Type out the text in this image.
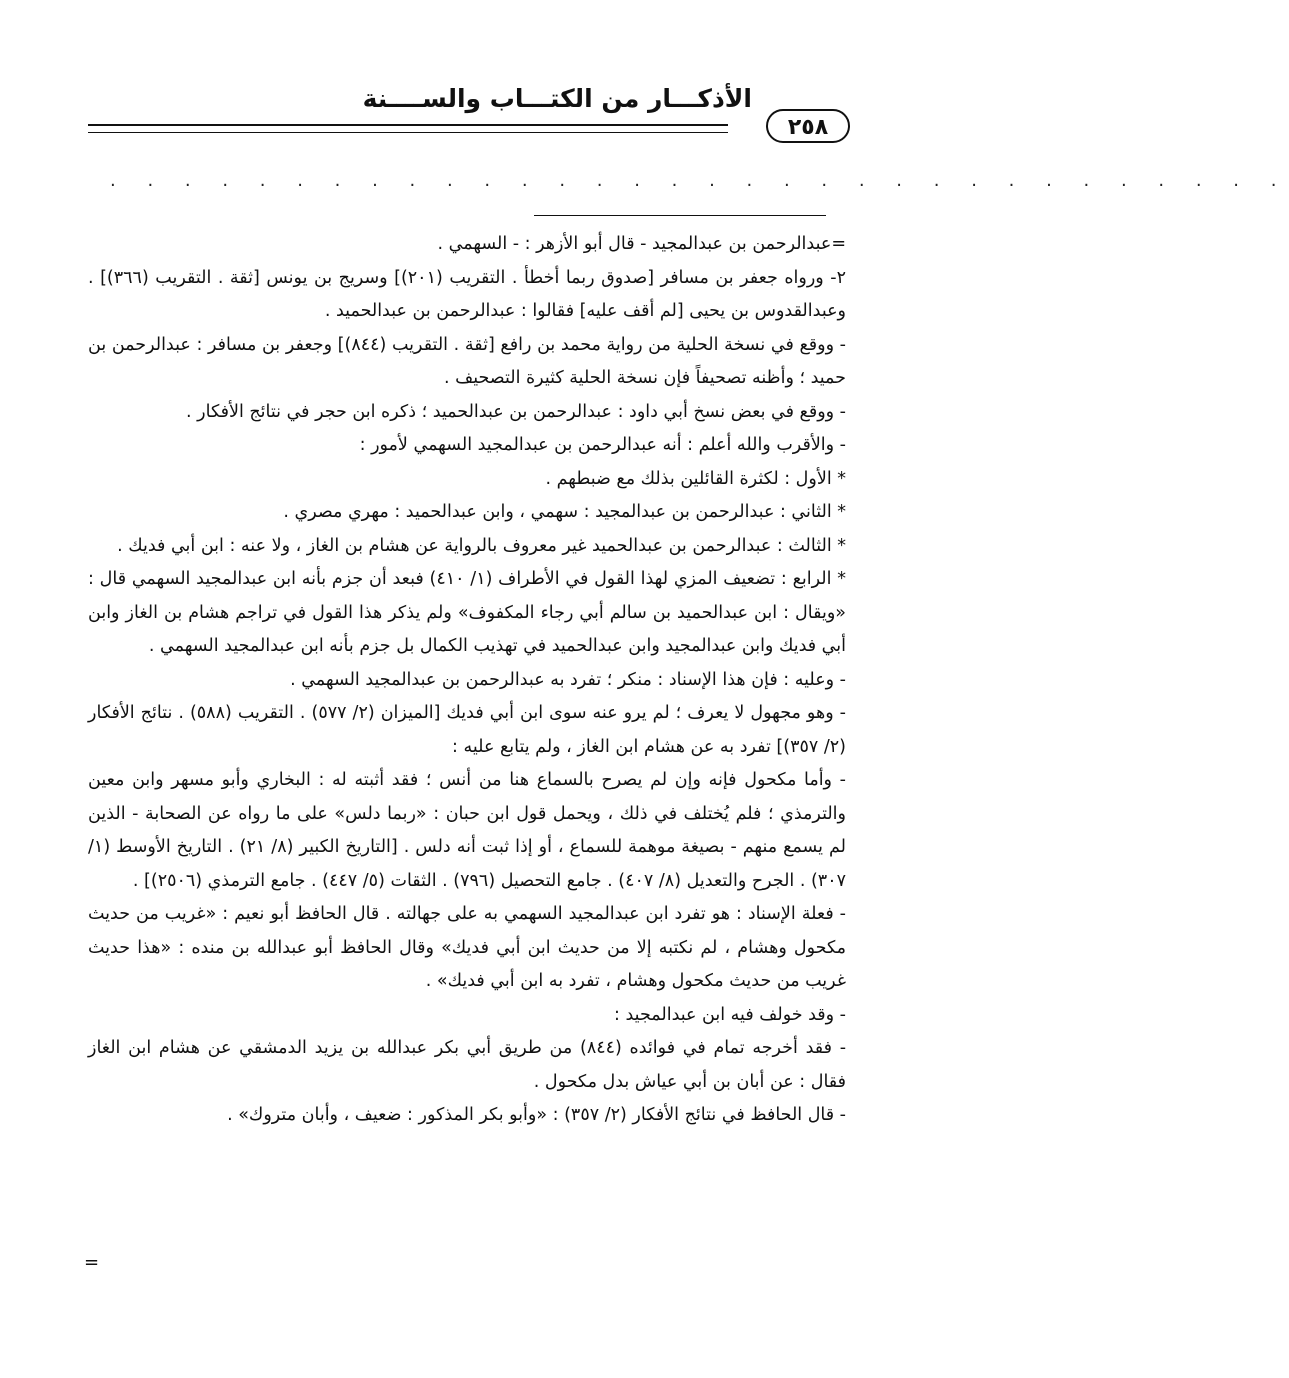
الأذكـــار من الكتـــاب والســــنة
٢٥٨
. . . . . . . . . . . . . . . . . . . . . . . . . . . . . . . .

=عبدالرحمن بن عبدالمجيد - قال أبو الأزهر : - السهمي .

٢- ورواه جعفر بن مسافر [صدوق ربما أخطأ . التقريب (٢٠١)] وسريج بن يونس [ثقة . التقريب (٣٦٦)] . وعبدالقدوس بن يحيى [لم أقف عليه] فقالوا : عبدالرحمن بن عبدالحميد .

- ووقع في نسخة الحلية من رواية محمد بن رافع [ثقة . التقريب (٨٤٤)] وجعفر بن مسافر : عبدالرحمن بن حميد ؛ وأظنه تصحيفاً فإن نسخة الحلية كثيرة التصحيف .

- ووقع في بعض نسخ أبي داود : عبدالرحمن بن عبدالحميد ؛ ذكره ابن حجر في نتائج الأفكار .

- والأقرب والله أعلم : أنه عبدالرحمن بن عبدالمجيد السهمي لأمور :

* الأول : لكثرة القائلين بذلك مع ضبطهم .

* الثاني : عبدالرحمن بن عبدالمجيد : سهمي ، وابن عبدالحميد : مهري مصري .

* الثالث : عبدالرحمن بن عبدالحميد غير معروف بالرواية عن هشام بن الغاز ، ولا عنه : ابن أبي فديك .

* الرابع : تضعيف المزي لهذا القول في الأطراف (١/ ٤١٠) فبعد أن جزم بأنه ابن عبدالمجيد السهمي قال : «ويقال : ابن عبدالحميد بن سالم أبي رجاء المكفوف» ولم يذكر هذا القول في تراجم هشام بن الغاز وابن أبي فديك وابن عبدالمجيد وابن عبدالحميد في تهذيب الكمال بل جزم بأنه ابن عبدالمجيد السهمي .

- وعليه : فإن هذا الإسناد : منكر ؛ تفرد به عبدالرحمن بن عبدالمجيد السهمي .

- وهو مجهول لا يعرف ؛ لم يرو عنه سوى ابن أبي فديك [الميزان (٢/ ٥٧٧) . التقريب (٥٨٨) . نتائج الأفكار (٢/ ٣٥٧)] تفرد به عن هشام ابن الغاز ، ولم يتابع عليه :

- وأما مكحول فإنه وإن لم يصرح بالسماع هنا من أنس ؛ فقد أثبته له : البخاري وأبو مسهر وابن معين والترمذي ؛ فلم يُختلف في ذلك ، ويحمل قول ابن حبان : «ربما دلس» على ما رواه عن الصحابة - الذين لم يسمع منهم - بصيغة موهمة للسماع ، أو إذا ثبت أنه دلس . [التاريخ الكبير (٨/ ٢١) . التاريخ الأوسط (١/ ٣٠٧) . الجرح والتعديل (٨/ ٤٠٧) . جامع التحصيل (٧٩٦) . الثقات (٥/ ٤٤٧) . جامع الترمذي (٢٥٠٦)] .

- فعلة الإسناد : هو تفرد ابن عبدالمجيد السهمي به على جهالته . قال الحافظ أبو نعيم : «غريب من حديث مكحول وهشام ، لم نكتبه إلا من حديث ابن أبي فديك» وقال الحافظ أبو عبدالله بن منده : «هذا حديث غريب من حديث مكحول وهشام ، تفرد به ابن أبي فديك» .

- وقد خولف فيه ابن عبدالمجيد :

- فقد أخرجه تمام في فوائده (٨٤٤) من طريق أبي بكر عبدالله بن يزيد الدمشقي عن هشام ابن الغاز فقال : عن أبان بن أبي عياش بدل مكحول .

- قال الحافظ في نتائج الأفكار (٢/ ٣٥٧) : «وأبو بكر المذكور : ضعيف ، وأبان متروك» .

=
